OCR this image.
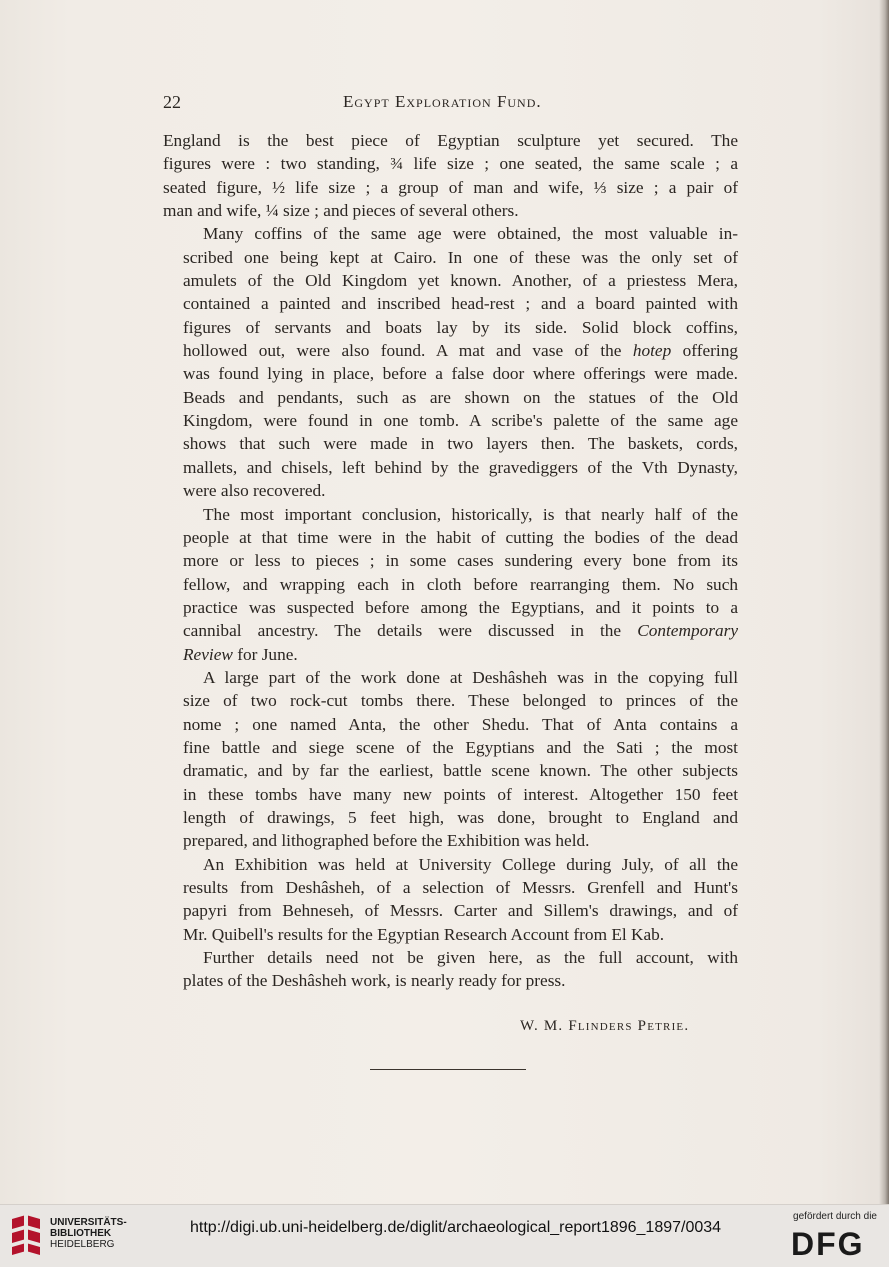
22	Egypt Exploration Fund.
England is the best piece of Egyptian sculpture yet secured. The
figures were : two standing, ¾ life size ; one seated, the same scale ; a
seated figure, ½ life size ; a group of man and wife, ⅓ size ; a pair of
man and wife, ¼ size ; and pieces of several others.
Many coffins of the same age were obtained, the most valuable in-
scribed one being kept at Cairo. In one of these was the only set of
amulets of the Old Kingdom yet known. Another, of a priestess Mera,
contained a painted and inscribed head-rest ; and a board painted with
figures of servants and boats lay by its side. Solid block coffins,
hollowed out, were also found. A mat and vase of the hotep offering
was found lying in place, before a false door where offerings were made.
Beads and pendants, such as are shown on the statues of the Old
Kingdom, were found in one tomb. A scribe's palette of the same age
shows that such were made in two layers then. The baskets, cords,
mallets, and chisels, left behind by the gravediggers of the Vth Dynasty,
were also recovered.
The most important conclusion, historically, is that nearly half of the
people at that time were in the habit of cutting the bodies of the dead
more or less to pieces ; in some cases sundering every bone from its
fellow, and wrapping each in cloth before rearranging them. No such
practice was suspected before among the Egyptians, and it points to a
cannibal ancestry. The details were discussed in the Contemporary
Review for June.
A large part of the work done at Deshâsheh was in the copying full
size of two rock-cut tombs there. These belonged to princes of the
nome ; one named Anta, the other Shedu. That of Anta contains a
fine battle and siege scene of the Egyptians and the Sati ; the most
dramatic, and by far the earliest, battle scene known. The other subjects
in these tombs have many new points of interest. Altogether 150 feet
length of drawings, 5 feet high, was done, brought to England and
prepared, and lithographed before the Exhibition was held.
An Exhibition was held at University College during July, of all the
results from Deshâsheh, of a selection of Messrs. Grenfell and Hunt's
papyri from Behneseh, of Messrs. Carter and Sillem's drawings, and of
Mr. Quibell's results for the Egyptian Research Account from El Kab.
Further details need not be given here, as the full account, with
plates of the Deshâsheh work, is nearly ready for press.
W. M. Flinders Petrie.
UNIVERSITÄTS-
BIBLIOTHEK
HEIDELBERG
http://digi.ub.uni-heidelberg.de/diglit/archaeological_report1896_1897/0034
gefördert durch die
DFG
